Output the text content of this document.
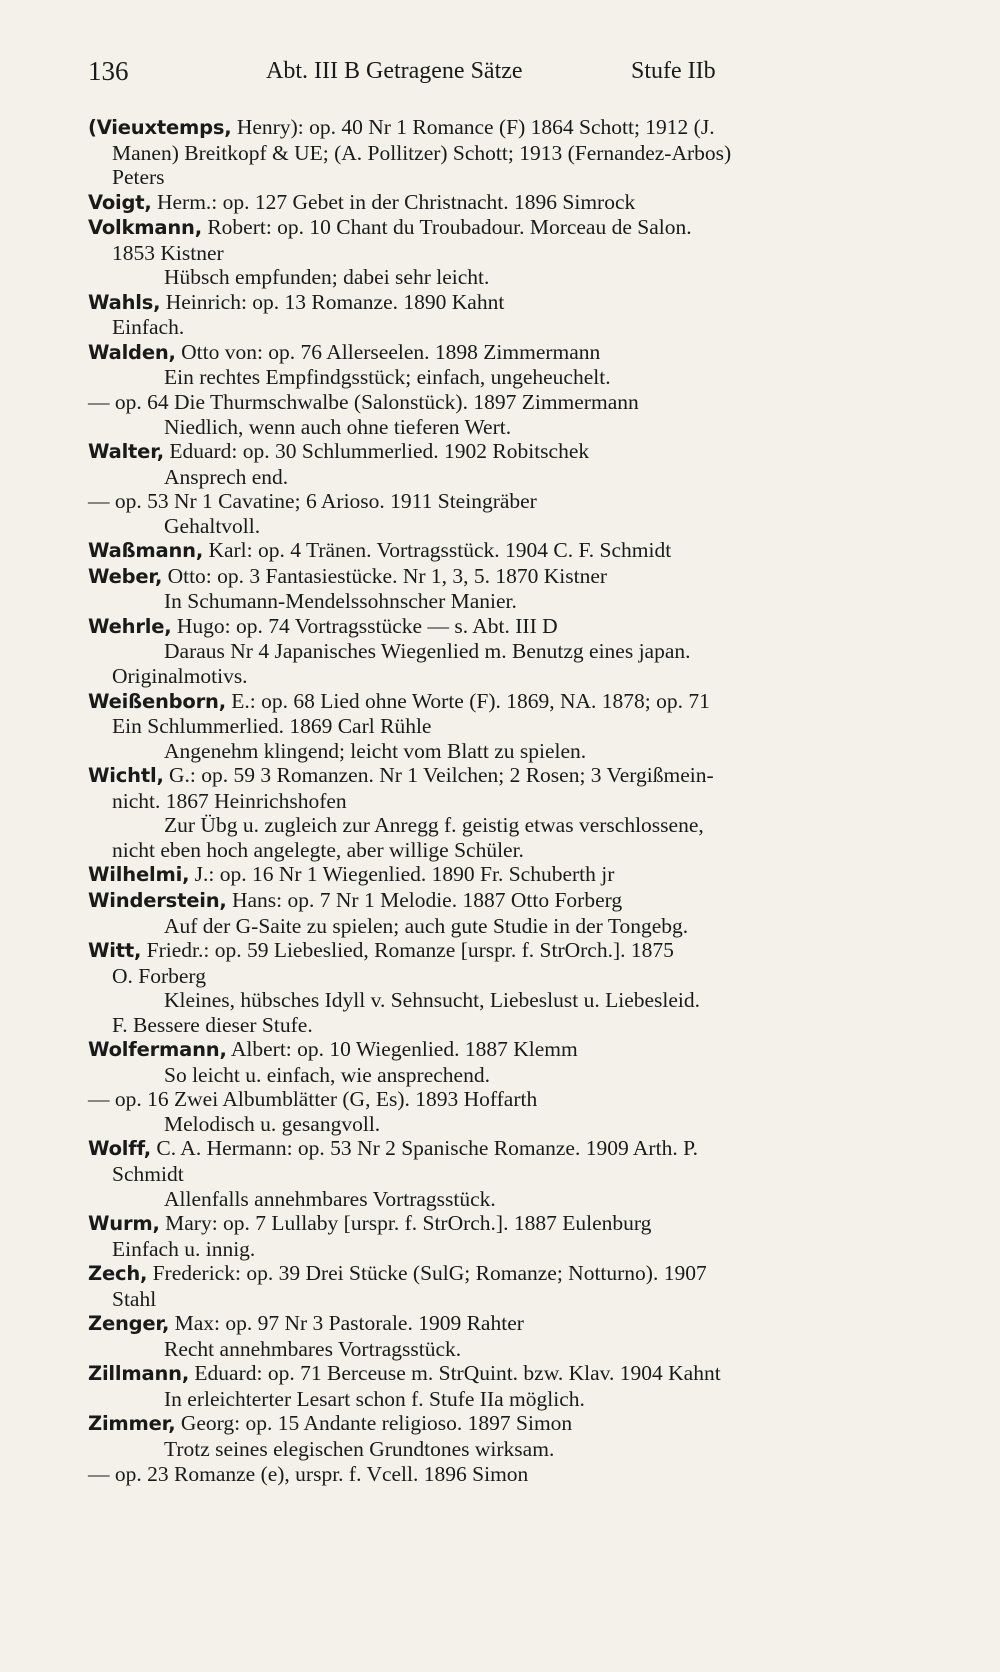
136	Abt. III B Getragene Sätze	Stufe IIb
(Vieuxtemps, Henry): op. 40 Nr 1 Romance (F) 1864 Schott; 1912 (J.
Manen) Breitkopf & UE; (A. Pollitzer) Schott; 1913 (Fernandez-Arbos)
Peters
Voigt, Herm.: op. 127 Gebet in der Christnacht. 1896 Simrock
Volkmann, Robert: op. 10 Chant du Troubadour. Morceau de Salon.
1853 Kistner
Hübsch empfunden; dabei sehr leicht.
Wahls, Heinrich: op. 13 Romanze. 1890 Kahnt
Einfach.
Walden, Otto von: op. 76 Allerseelen. 1898 Zimmermann
Ein rechtes Empfindgsstück; einfach, ungeheuchelt.
— op. 64 Die Thurmschwalbe (Salonstück). 1897 Zimmermann
Niedlich, wenn auch ohne tieferen Wert.
Walter, Eduard: op. 30 Schlummerlied. 1902 Robitschek
Ansprech end.
— op. 53 Nr 1 Cavatine; 6 Arioso. 1911 Steingräber
Gehaltvoll.
Waßmann, Karl: op. 4 Tränen. Vortragsstück. 1904 C. F. Schmidt
Weber, Otto: op. 3 Fantasiestücke. Nr 1, 3, 5. 1870 Kistner
In Schumann-Mendelssohnscher Manier.
Wehrle, Hugo: op. 74 Vortragsstücke — s. Abt. III D
Daraus Nr 4 Japanisches Wiegenlied m. Benutzg eines japan.
Originalmotivs.
Weißenborn, E.: op. 68 Lied ohne Worte (F). 1869, NA. 1878; op. 71
Ein Schlummerlied. 1869 Carl Rühle
Angenehm klingend; leicht vom Blatt zu spielen.
Wichtl, G.: op. 59 3 Romanzen. Nr 1 Veilchen; 2 Rosen; 3 Vergißmein-
nicht. 1867 Heinrichshofen
Zur Übg u. zugleich zur Anregg f. geistig etwas verschlossene,
nicht eben hoch angelegte, aber willige Schüler.
Wilhelmi, J.: op. 16 Nr 1 Wiegenlied. 1890 Fr. Schuberth jr
Winderstein, Hans: op. 7 Nr 1 Melodie. 1887 Otto Forberg
Auf der G-Saite zu spielen; auch gute Studie in der Tongebg.
Witt, Friedr.: op. 59 Liebeslied, Romanze [urspr. f. StrOrch.]. 1875
O. Forberg
Kleines, hübsches Idyll v. Sehnsucht, Liebeslust u. Liebesleid.
F. Bessere dieser Stufe.
Wolfermann, Albert: op. 10 Wiegenlied. 1887 Klemm
So leicht u. einfach, wie ansprechend.
— op. 16 Zwei Albumblätter (G, Es). 1893 Hoffarth
Melodisch u. gesangvoll.
Wolff, C. A. Hermann: op. 53 Nr 2 Spanische Romanze. 1909 Arth. P.
Schmidt
Allenfalls annehmbares Vortragsstück.
Wurm, Mary: op. 7 Lullaby [urspr. f. StrOrch.]. 1887 Eulenburg
Einfach u. innig.
Zech, Frederick: op. 39 Drei Stücke (SulG; Romanze; Notturno). 1907
Stahl
Zenger, Max: op. 97 Nr 3 Pastorale. 1909 Rahter
Recht annehmbares Vortragsstück.
Zillmann, Eduard: op. 71 Berceuse m. StrQuint. bzw. Klav. 1904 Kahnt
In erleichterter Lesart schon f. Stufe IIa möglich.
Zimmer, Georg: op. 15 Andante religioso. 1897 Simon
Trotz seines elegischen Grundtones wirksam.
— op. 23 Romanze (e), urspr. f. Vcell. 1896 Simon
